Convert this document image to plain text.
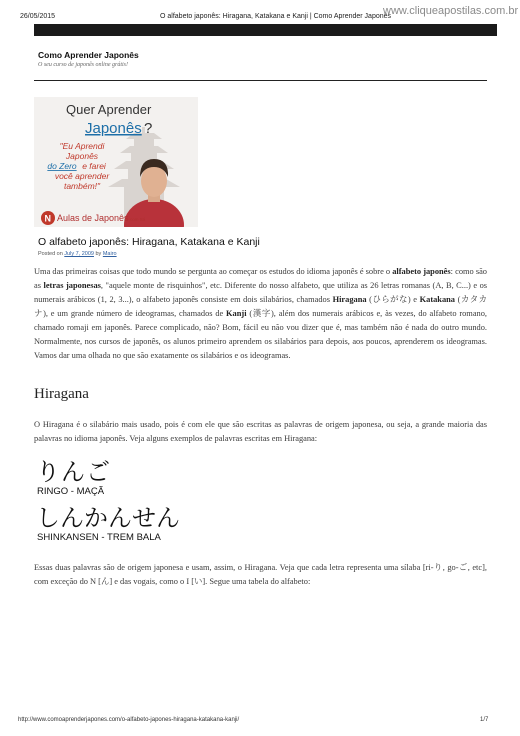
26/05/2015	O alfabeto japonês: Hiragana, Katakana e Kanji | Como Aprender Japonês
www.cliqueapostilas.com.br
Como Aprender Japonês
O seu curso de japonês online grátis!
Quer Aprender
Japonês ?
"Eu Aprendi
Japonês
do Zero e farei
você aprender
também!"
N Aulas de Japonês com Sá
O alfabeto japonês: Hiragana, Katakana e Kanji
Posted on July 7, 2009 by Mairo
Uma das primeiras coisas que todo mundo se pergunta ao começar os estudos do idioma japonês é sobre o alfabeto japonês: como são as letras japonesas, "aquele monte de risquinhos", etc. Diferente do nosso alfabeto, que utiliza as 26 letras romanas (A, B, C...) e os numerais arábicos (1, 2, 3...), o alfabeto japonês consiste em dois silabários, chamados Hiragana (ひらがな) e Katakana (カタカナ), e um grande número de ideogramas, chamados de Kanji (漢字), além dos numerais arábicos e, às vezes, do alfabeto romano, chamado romaji em japonês. Parece complicado, não? Bom, fácil eu não vou dizer que é, mas também não é nada do outro mundo. Normalmente, nos cursos de japonês, os alunos primeiro aprendem os silabários para depois, aos poucos, aprenderem os ideogramas. Vamos dar uma olhada no que são exatamente os silabários e os ideogramas.
Hiragana
O Hiragana é o silabário mais usado, pois é com ele que são escritas as palavras de origem japonesa, ou seja, a grande maioria das palavras no idioma japonês. Veja alguns exemplos de palavras escritas em Hiragana:
りんご
RINGO - MAÇÃ
しんかんせん
SHINKANSEN - TREM BALA
Essas duas palavras são de origem japonesa e usam, assim, o Hiragana. Veja que cada letra representa uma sílaba [ri-り, go-ご, etc], com exceção do N [ん] e das vogais, como o I [い]. Segue uma tabela do alfabeto:
http://www.comoaprenderjapones.com/o-alfabeto-japones-hiragana-katakana-kanji/	1/7
